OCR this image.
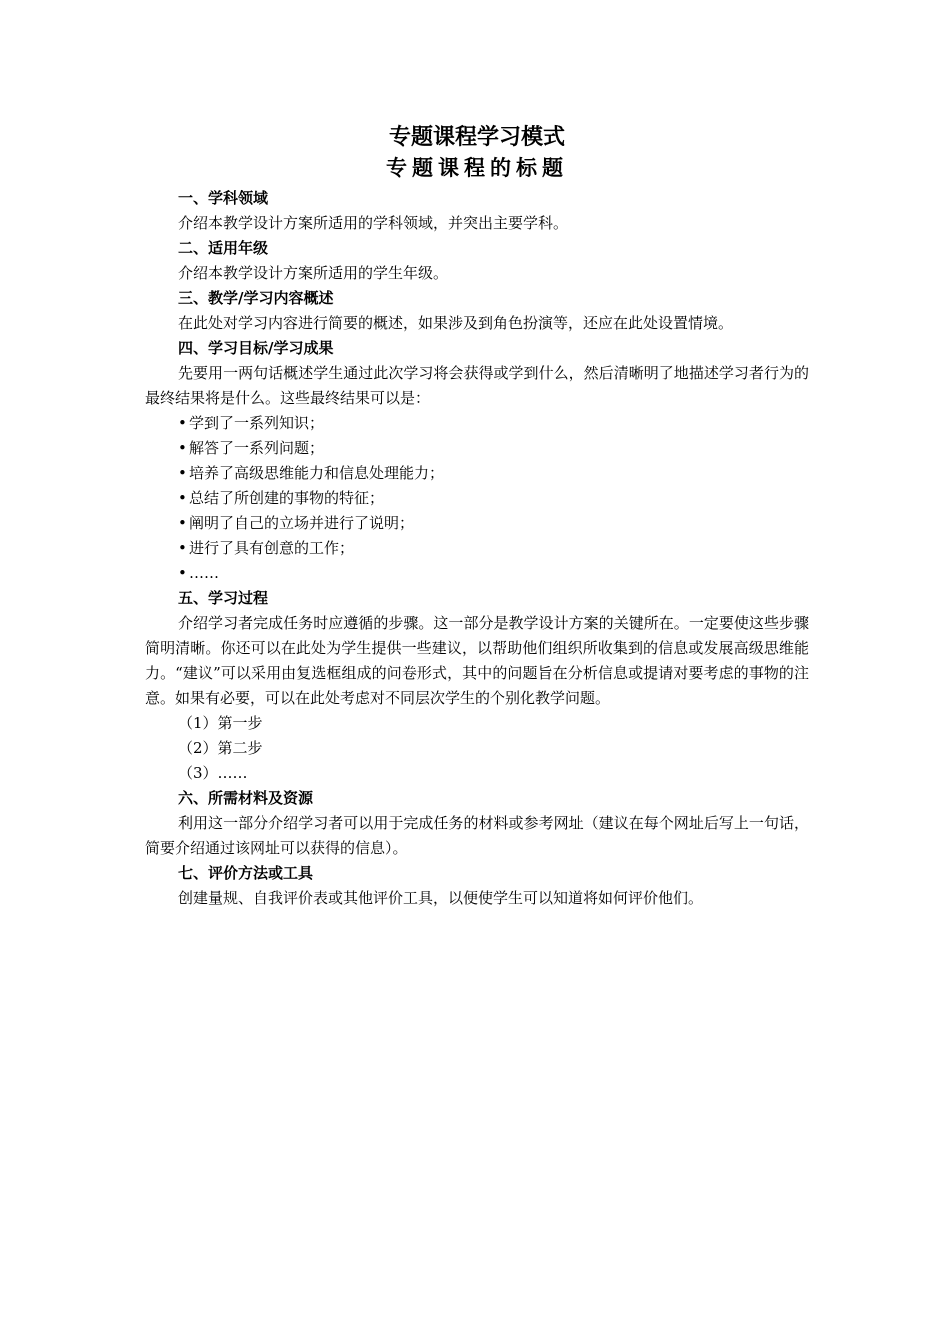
专题课程学习模式
专题课程的标题
一、学科领域
介绍本教学设计方案所适用的学科领域，并突出主要学科。
二、适用年级
介绍本教学设计方案所适用的学生年级。
三、教学/学习内容概述
在此处对学习内容进行简要的概述，如果涉及到角色扮演等，还应在此处设置情境。
四、学习目标/学习成果
先要用一两句话概述学生通过此次学习将会获得或学到什么，然后清晰明了地描述学习者行为的最终结果将是什么。这些最终结果可以是：
• 学到了一系列知识；
• 解答了一系列问题；
• 培养了高级思维能力和信息处理能力；
• 总结了所创建的事物的特征；
• 阐明了自己的立场并进行了说明；
• 进行了具有创意的工作；
• ……
五、学习过程
介绍学习者完成任务时应遵循的步骤。这一部分是教学设计方案的关键所在。一定要使这些步骤简明清晰。你还可以在此处为学生提供一些建议，以帮助他们组织所收集到的信息或发展高级思维能力。“建议”可以采用由复选框组成的问卷形式，其中的问题旨在分析信息或提请对要考虑的事物的注意。如果有必要，可以在此处考虑对不同层次学生的个别化教学问题。
（1）第一步
（2）第二步
（3）……
六、所需材料及资源
利用这一部分介绍学习者可以用于完成任务的材料或参考网址（建议在每个网址后写上一句话，简要介绍通过该网址可以获得的信息）。
七、评价方法或工具
创建量规、自我评价表或其他评价工具，以便使学生可以知道将如何评价他们。
